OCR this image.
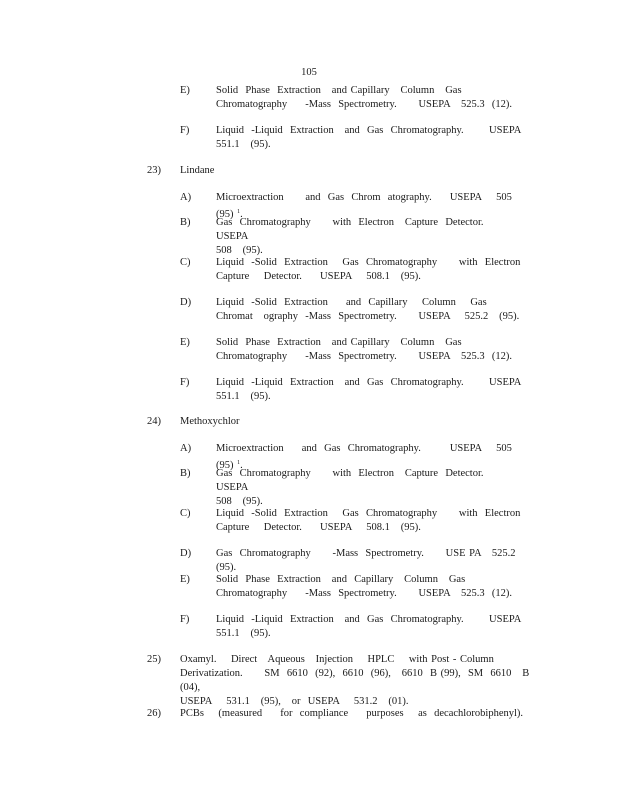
105
E) Solid  Phase  Extraction   and Capillary   Column   Gas
Chromatography     -Mass  Spectrometry.      USEPA   525.3  (12).
F)	Liquid  -Liquid  Extraction   and  Gas  Chromatography.       USEPA
551.1   (95).
23) Lindane
A) Microextraction      and  Gas  Chrom  atography.     USEPA    505  (95) $^1$.
B) Gas  Chromatography      with  Electron   Capture  Detector.    USEPA
508   (95).
C) Liquid  -Solid  Extraction    Gas  Chromatography      with  Electron
Capture    Detector.     USEPA    508.1   (95).
D) Liquid  -Solid  Extraction     and  Capillary    Column    Gas
Chromat   ography  -Mass  Spectrometry.      USEPA    525.2   (95).
E) Solid  Phase  Extraction   and Capillary   Column   Gas
Chromatography     -Mass  Spectrometry.      USEPA   525.3  (12).
F)	Liquid  -Liquid  Extraction   and  Gas  Chromatography.       USEPA
551.1   (95).
24) Methoxychlor
A) Microextraction     and  Gas  Chromatography.        USEPA    505  (95) $^1$.
B) Gas  Chromatography      with  Electron   Capture  Detector.    USEPA
508   (95).
C) Liquid  -Solid  Extraction    Gas  Chromatography      with  Electron
Capture    Detector.     USEPA    508.1   (95).
D) Gas  Chromatography      -Mass  Spectrometry.      USE PA   525.2   (95).
E) Solid  Phase  Extraction   and  Capillary   Column   Gas
Chromatography     -Mass  Spectrometry.      USEPA   525.3  (12).
F)	Liquid  -Liquid  Extraction   and  Gas  Chromatography.       USEPA
551.1   (95).
25) Oxamyl.    Direct   Aqueous   Injection    HPLC    with Post - Column
Derivatization.      SM  6610  (92),  6610  (96),   6610  B (99),  SM  6610   B  (04),
USEPA    531.1   (95),   or  USEPA    531.2   (01).
26) PCBs    (measured     for  compliance     purposes    as  decachlorobiphenyl).
